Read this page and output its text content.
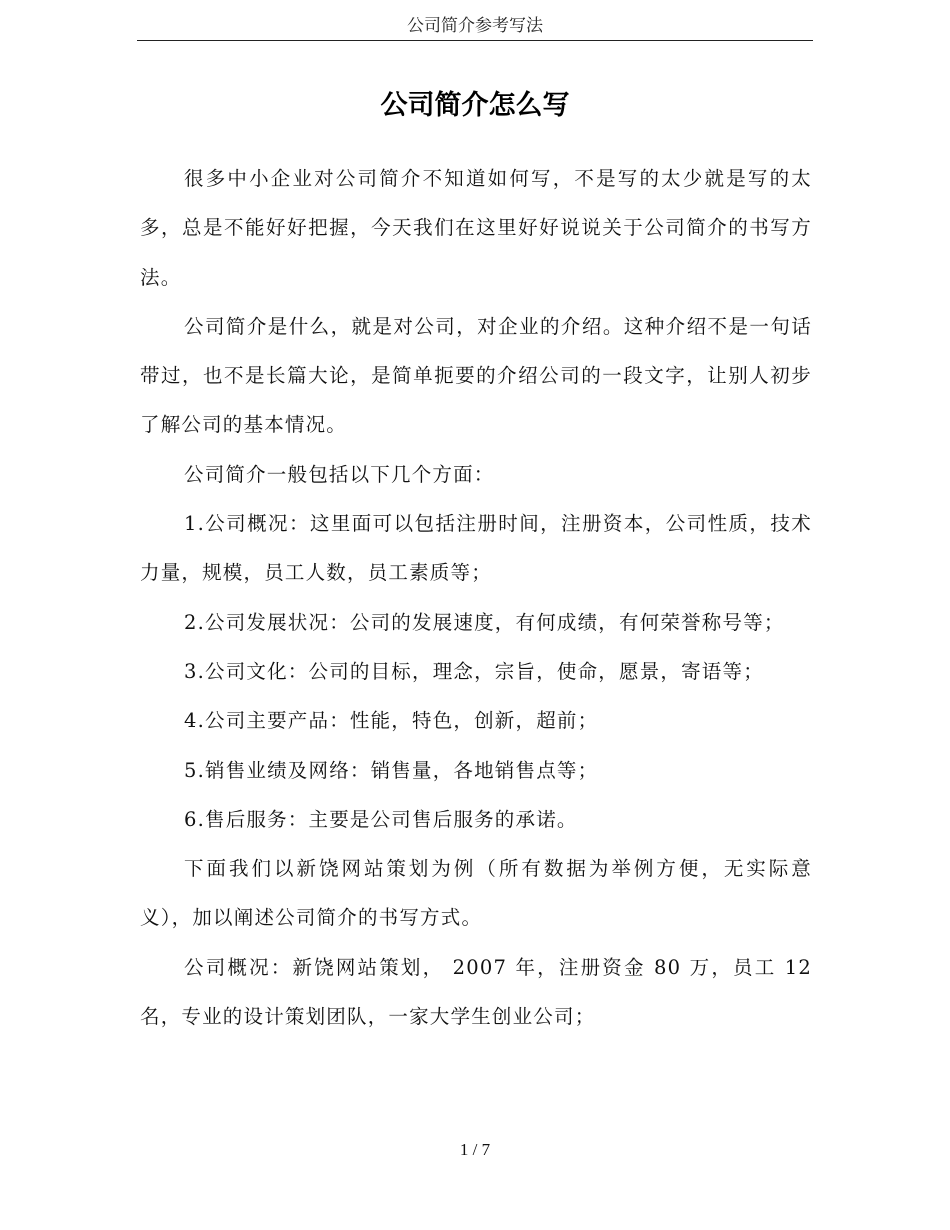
公司简介参考写法
公司简介怎么写

很多中小企业对公司简介不知道如何写，不是写的太少就是写的太多，总是不能好好把握，今天我们在这里好好说说关于公司简介的书写方法。

公司简介是什么，就是对公司，对企业的介绍。这种介绍不是一句话带过，也不是长篇大论，是简单扼要的介绍公司的一段文字，让别人初步了解公司的基本情况。

公司简介一般包括以下几个方面：

1.公司概况：这里面可以包括注册时间，注册资本，公司性质，技术力量，规模，员工人数，员工素质等；

2.公司发展状况：公司的发展速度，有何成绩，有何荣誉称号等；

3.公司文化：公司的目标，理念，宗旨，使命，愿景，寄语等；

4.公司主要产品：性能，特色，创新，超前；

5.销售业绩及网络：销售量，各地销售点等；

6.售后服务：主要是公司售后服务的承诺。

下面我们以新饶网站策划为例（所有数据为举例方便，无实际意义），加以阐述公司简介的书写方式。

公司概况：新饶网站策划， 2007 年，注册资金 80 万，员工 12 名，专业的设计策划团队，一家大学生创业公司；

1 / 7
